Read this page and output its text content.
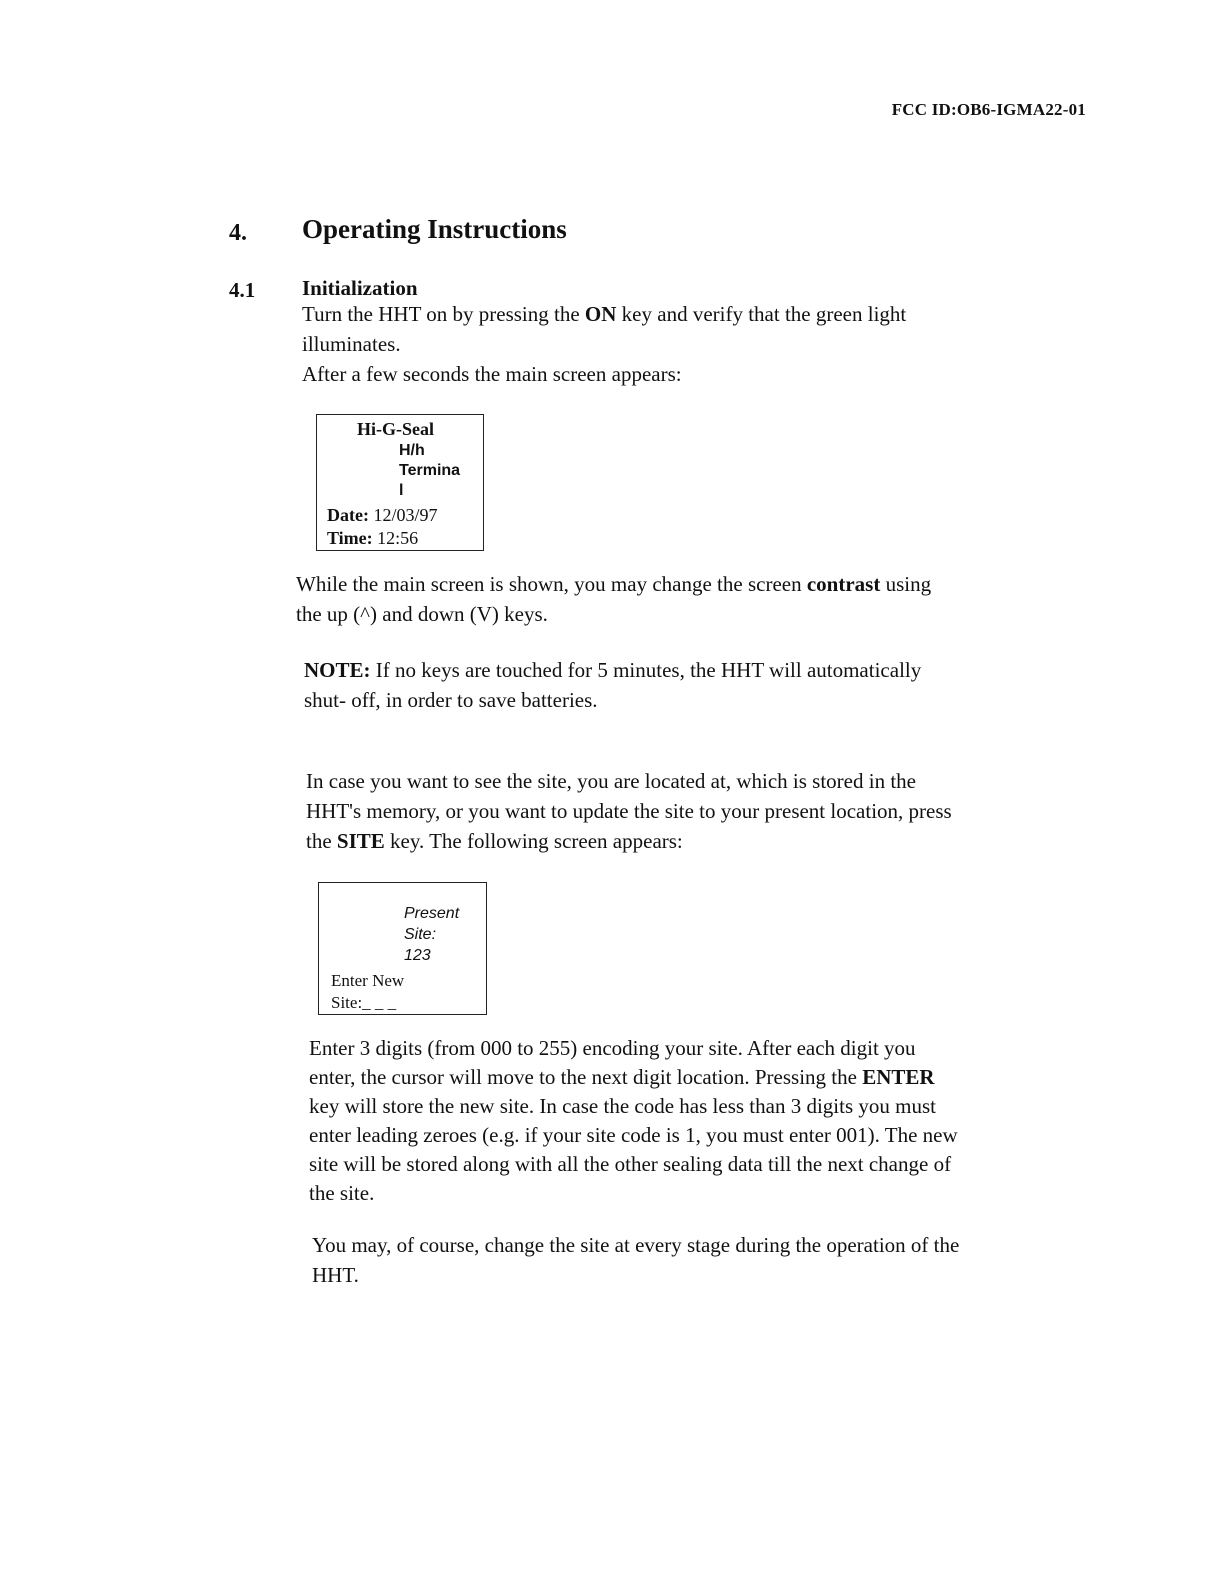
FCC ID:OB6-IGMA22-01
4. Operating Instructions
4.1 Initialization
Turn the HHT on by pressing the ON key and verify that the green light
illuminates.
After a few seconds the main screen appears:
Hi-G-Seal
H/h
Termina
l
Date: 12/03/97
Time: 12:56
While the main screen is shown, you may change the screen contrast using
the up (^) and down (V) keys.
NOTE: If no keys are touched for 5 minutes, the HHT will automatically
shut- off, in order to save batteries.
In case you want to see the site, you are located at, which is stored in the
HHT's memory, or you want to update the site to your present location, press
the SITE key. The following screen appears:
Present
Site:
123
Enter New
Site:_ _ _
Enter 3 digits (from 000 to 255) encoding your site. After each digit you
enter, the cursor will move to the next digit location. Pressing the ENTER
key will store the new site. In case the code has less than 3 digits you must
enter leading zeroes (e.g. if your site code is 1, you must enter 001). The new
site will be stored along with all the other sealing data till the next change of
the site.
You may, of course, change the site at every stage during the operation of the
HHT.
